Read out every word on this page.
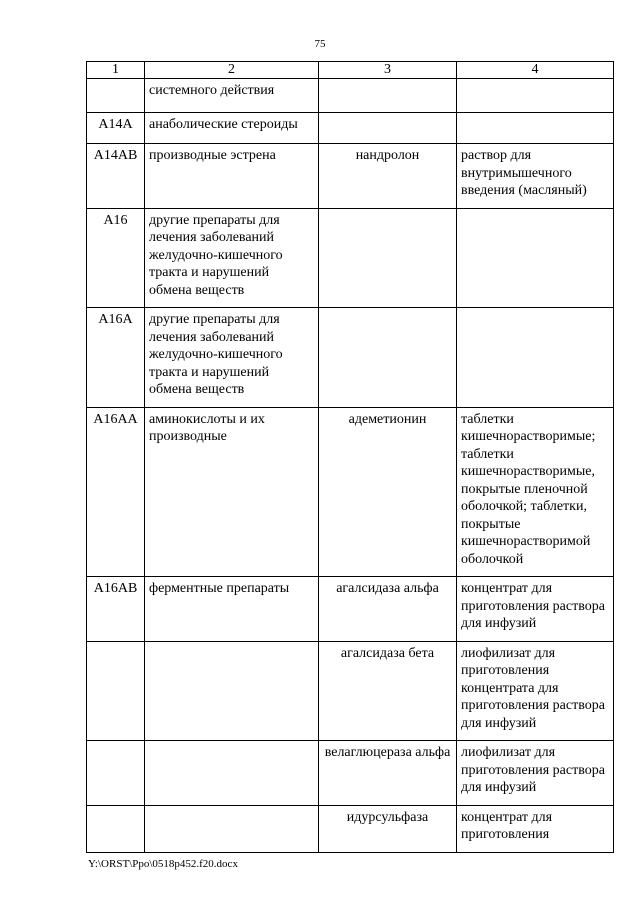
75
1	2	3	4
	системного действия		
A14A	анаболические стероиды		
A14AB	производные эстрена	нандролон	раствор для внутримышечного введения (масляный)
A16	другие препараты для лечения заболеваний желудочно-кишечного тракта и нарушений обмена веществ		
A16A	другие препараты для лечения заболеваний желудочно-кишечного тракта и нарушений обмена веществ		
A16AA	аминокислоты и их производные	адеметионин	таблетки кишечнорастворимые; таблетки кишечнорастворимые, покрытые пленочной оболочкой; таблетки, покрытые кишечнорастворимой оболочкой
A16AB	ферментные препараты	агалсидаза альфа	концентрат для приготовления раствора для инфузий
		агалсидаза бета	лиофилизат для приготовления концентрата для приготовления раствора для инфузий
		велаглюцераза альфа	лиофилизат для приготовления раствора для инфузий
		идурсульфаза	концентрат для приготовления
Y:\ORST\Ppo\0518p452.f20.docx
